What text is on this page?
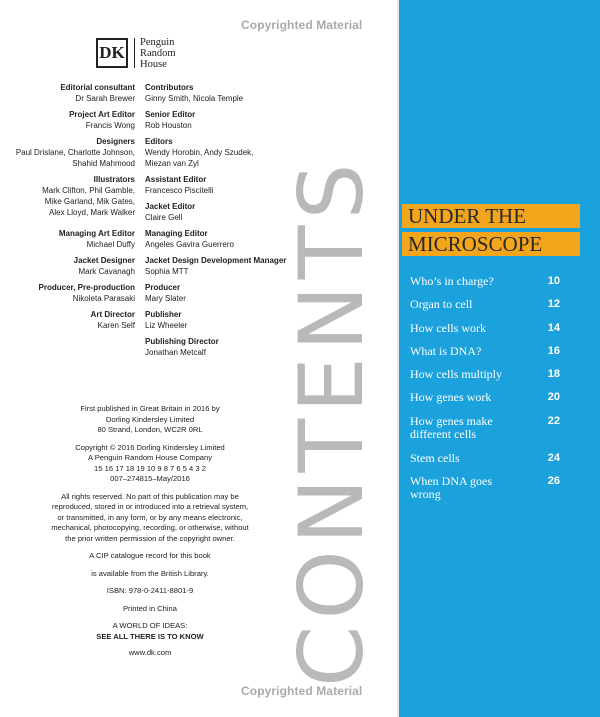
Copyrighted Material
Copyrighted Material
DK
Penguin
Random
House
Editorial consultant
Dr Sarah Brewer
Contributors
Ginny Smith, Nicola Temple
Project Art Editor
Francis Wong
Senior Editor
Rob Houston
Designers
Paul Drislane, Charlotte Johnson,
Shahid Mahmood
Editors
Wendy Horobin, Andy Szudek,
Miezan van Zyl
Illustrators
Mark Clifton, Phil Gamble,
Mike Garland, Mik Gates,
Alex Lloyd, Mark Walker
Assistant Editor
Francesco Piscitelli
Jacket Editor
Claire Gell
Managing Art Editor
Michael Duffy
Managing Editor
Angeles Gavira Guerrero
Jacket Designer
Mark Cavanagh
Jacket Design Development Manager
Sophia MTT
Producer, Pre-production
Nikoleta Parasaki
Producer
Mary Slater
Art Director
Karen Self
Publisher
Liz Wheeler
Publishing Director
Jonathan Metcalf

First published in Great Britain in 2016 by
Dorling Kindersley Limited
80 Strand, London, WC2R 0RL

Copyright © 2016 Dorling Kindersley Limited
A Penguin Random House Company
15 16 17 18 19 10 9 8 7 6 5 4 3 2
007–274815–May/2016

All rights reserved. No part of this publication may be
reproduced, stored in or introduced into a retrieval system,
or transmitted, in any form, or by any means electronic,
mechanical, photocopying, recording, or otherwise, without
the prior written permission of the copyright owner.

A CIP catalogue record for this book

is available from the British Library.

ISBN: 978-0-2411-8801-9

Printed in China

A WORLD OF IDEAS:
SEE ALL THERE IS TO KNOW

www.dk.com	CONTENTS UNDER THE MICROSCOPE
Who’s in charge?	10
Organ to cell	12
How cells work	14
What is DNA?	16
How cells multiply	18
How genes work	20
How genes make different cells
22
Stem cells	24
When DNA goes wrong
26
